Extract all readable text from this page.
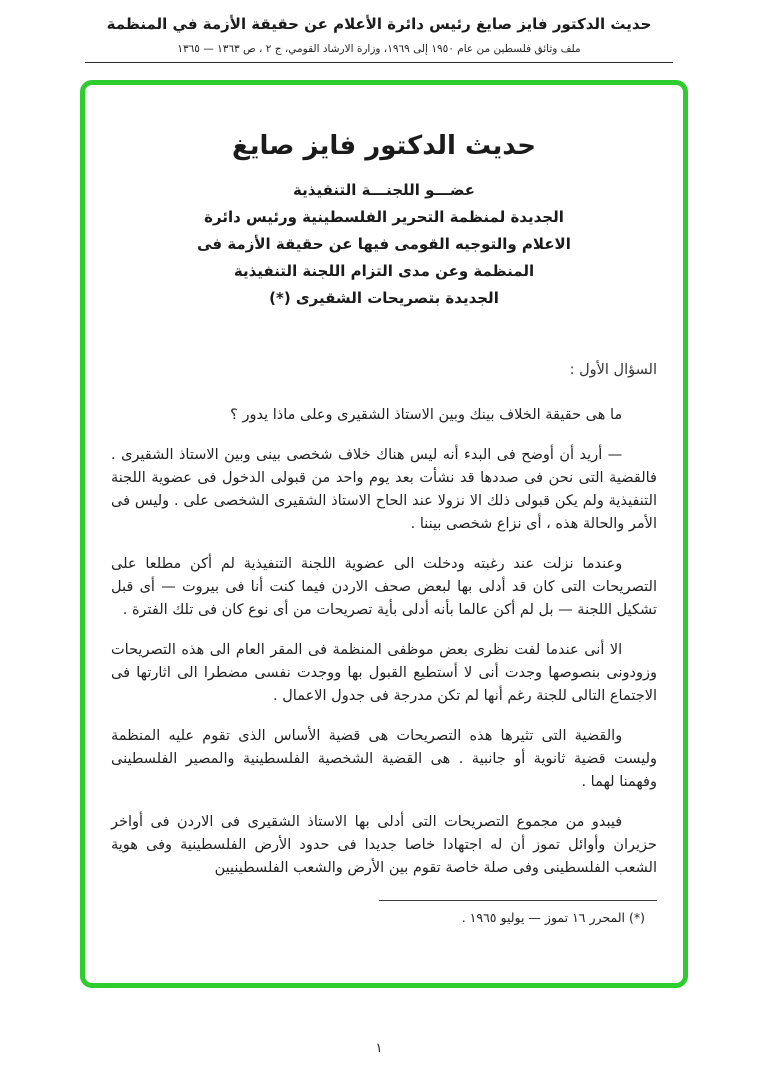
حديث الدكتور فايز صايغ رئيس دائرة الأعلام عن حقيقة الأزمة في المنظمة
ملف وثائق فلسطين من عام ١٩٥٠ إلى ١٩٦٩، وزارة الارشاد القومي، ج ٢ ، ص ١٣٦٣ — ١٣٦٥
حديث الدكتور فايز صايغ
عضـــو اللجنـــة التنفيذية
الجديدة لمنظمة التحرير الفلسطينية ورئيس دائرة
الاعلام والتوجيه القومى فيها عن حقيقة الأزمة فى
المنظمة وعن مدى التزام اللجنة التنفيذية
الجديدة بتصريحات الشقيرى (*)
السؤال الأول :

ما هى حقيقة الخلاف بينك وبين الاستاذ الشقيرى وعلى ماذا يدور ؟

— أريد أن أوضح فى البدء أنه ليس هناك خلاف شخصى بينى وبين الاستاذ الشقيرى . فالقضية التى نحن فى صددها قد نشأت بعد يوم واحد من قبولى الدخول فى عضوية اللجنة التنفيذية ولم يكن قبولى ذلك الا نزولا عند الحاح الاستاذ الشقيرى الشخصى على . وليس فى الأمر والحالة هذه ، أى نزاع شخصى بيننا .

وعندما نزلت عند رغبته ودخلت الى عضوية اللجنة التنفيذية لم أكن مطلعا على التصريحات التى كان قد أدلى بها لبعض صحف الاردن فيما كنت أنا فى بيروت — أى قبل تشكيل اللجنة — بل لم أكن عالما بأنه أدلى بأية تصريحات من أى نوع كان فى تلك الفترة .

الا أنى عندما لفت نظرى بعض موظفى المنظمة فى المقر العام الى هذه التصريحات وزودونى بنصوصها وجدت أنى لا أستطيع القبول بها ووجدت نفسى مضطرا الى اثارتها فى الاجتماع التالى للجنة رغم أنها لم تكن مدرجة فى جدول الاعمال .

والقضية التى تثيرها هذه التصريحات هى قضية الأساس الذى تقوم عليه المنظمة وليست قضية ثانوية أو جانبية . هى القضية الشخصية الفلسطينية والمصير الفلسطينى وفهمنا لهما .

فيبدو من مجموع التصريحات التى أدلى بها الاستاذ الشقيرى فى الاردن فى أواخر حزيران وأوائل تموز أن له اجتهادا خاصا جديدا فى حدود الأرض الفلسطينية وفى هوية الشعب الفلسطينى وفى صلة خاصة تقوم بين الأرض والشعب الفلسطينيين

(*) المحرر ١٦ تموز — يوليو ١٩٦٥ .
١
